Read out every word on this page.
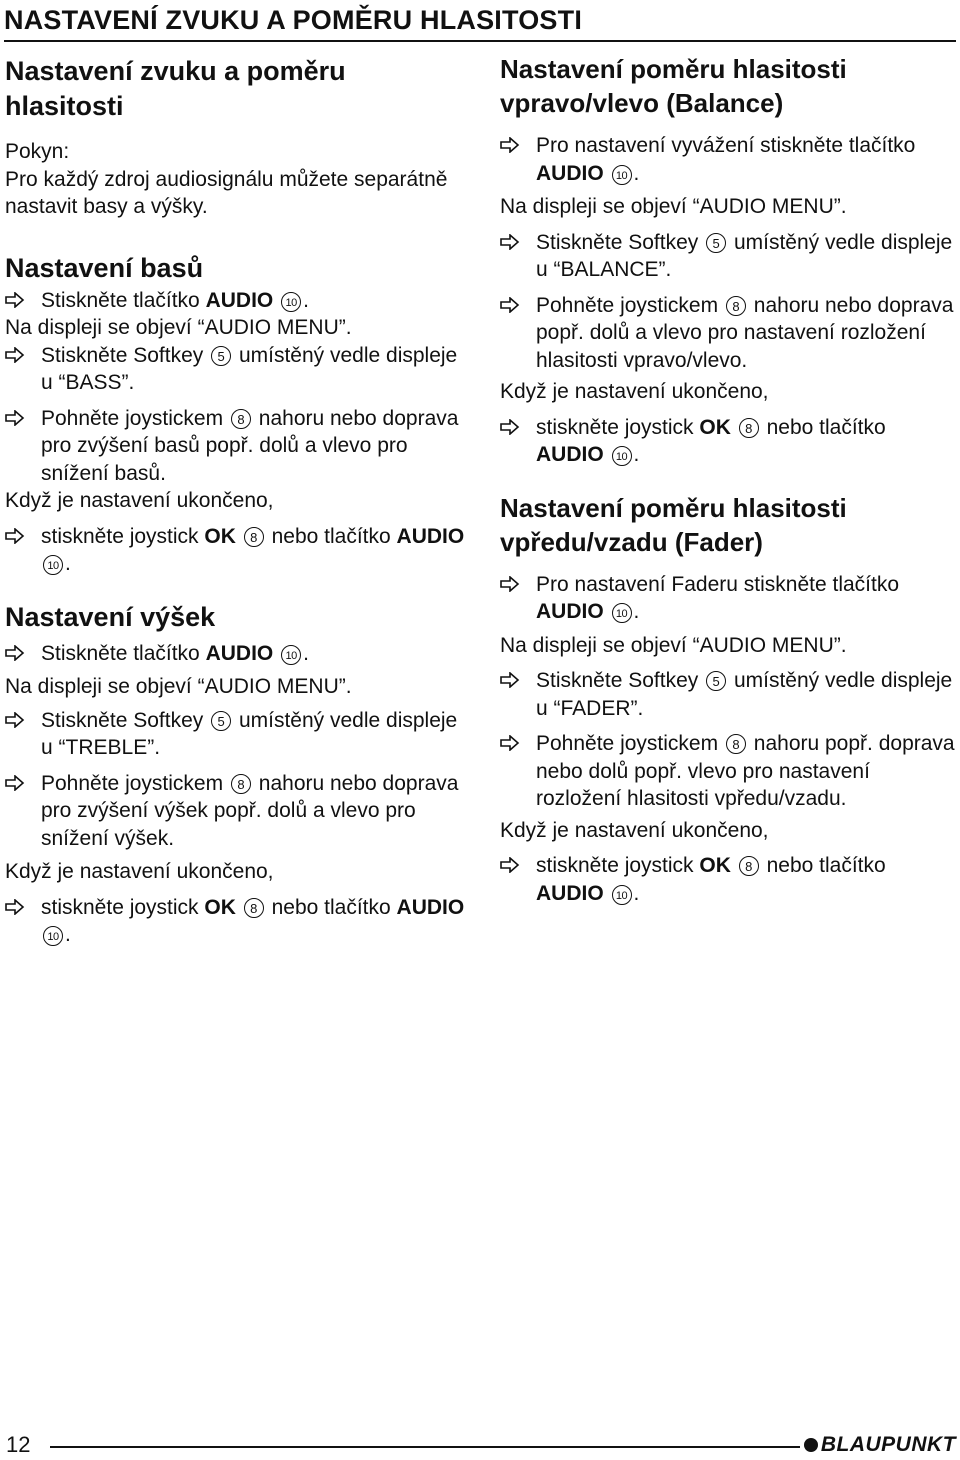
NASTAVENÍ ZVUKU A POMĚRU HLASITOSTI
Nastavení zvuku a poměru hlasitosti

Pokyn:

Pro každý zdroj audiosignálu můžete separátně nastavit basy a výšky.

Nastavení basů
Stiskněte tlačítko AUDIO 10 .

Na displeji se objeví “AUDIO MENU”.

Stiskněte Softkey 5 umístěný vedle displeje u “BASS”.
Pohněte joystickem 8 nahoru nebo doprava pro zvýšení basů popř. dolů a vlevo pro snížení basů.

Když je nastavení ukončeno,

stiskněte joystick OK 8 nebo tlačítko AUDIO 10 .
Nastavení výšek
Stiskněte tlačítko AUDIO 10 .

Na displeji se objeví “AUDIO MENU”.

Stiskněte Softkey 5 umístěný vedle displeje u “TREBLE”.
Pohněte joystickem 8 nahoru nebo doprava pro zvýšení výšek popř. dolů a vlevo pro snížení výšek.

Když je nastavení ukončeno,

stiskněte joystick OK 8 nebo tlačítko AUDIO 10 .
Nastavení poměru hlasitosti vpravo/vlevo (Balance)
Pro nastavení vyvážení stiskněte tlačítko AUDIO 10 .

Na displeji se objeví “AUDIO MENU”.

Stiskněte Softkey 5 umístěný vedle displeje u “BALANCE”.
Pohněte joystickem 8 nahoru nebo doprava popř. dolů a vlevo pro nastavení rozložení hlasitosti vpravo/vlevo.

Když je nastavení ukončeno,

stiskněte joystick OK 8 nebo tlačítko AUDIO 10 .
Nastavení poměru hlasitosti vpředu/vzadu (Fader)
Pro nastavení Faderu stiskněte tlačítko AUDIO 10 .

Na displeji se objeví “AUDIO MENU”.

Stiskněte Softkey 5 umístěný vedle displeje u “FADER”.
Pohněte joystickem 8 nahoru popř. doprava nebo dolů popř. vlevo pro nastavení rozložení hlasitosti vpředu/vzadu.

Když je nastavení ukončeno,

stiskněte joystick OK 8 nebo tlačítko AUDIO 10 .
12	BLAUPUNKT
